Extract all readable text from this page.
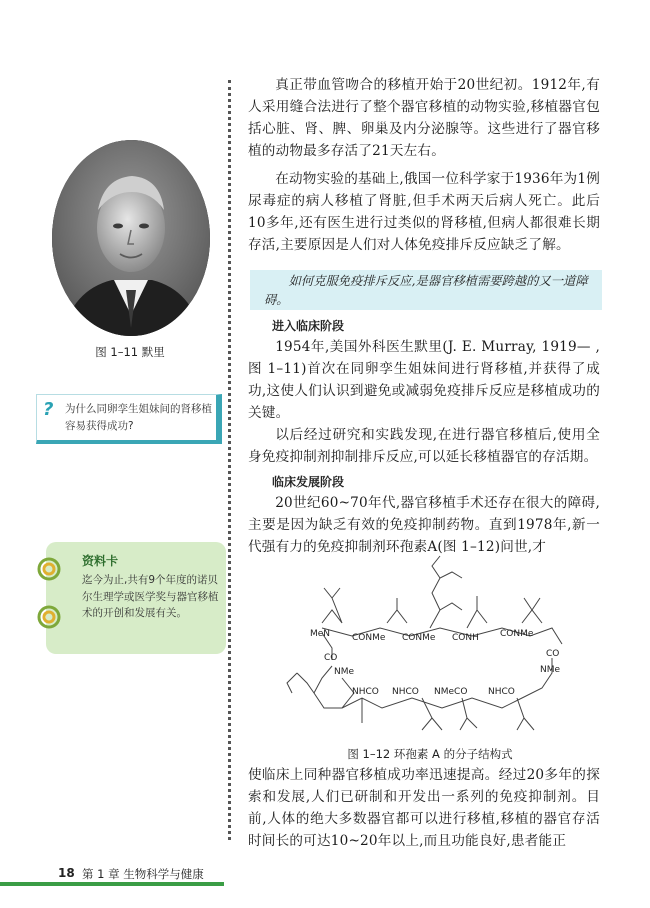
图 1–11 默里
? 为什么同卵孪生姐妹间的肾移植容易获得成功?
资料卡
迄今为止,共有9个年度的诺贝尔生理学或医学奖与器官移植术的开创和发展有关。

真正带血管吻合的移植开始于20世纪初。1912年,有人采用缝合法进行了整个器官移植的动物实验,移植器官包括心脏、肾、脾、卵巢及内分泌腺等。这些进行了器官移植的动物最多存活了21天左右。

在动物实验的基础上,俄国一位科学家于1936年为1例尿毒症的病人移植了肾脏,但手术两天后病人死亡。此后10多年,还有医生进行过类似的肾移植,但病人都很难长期存活,主要原因是人们对人体免疫排斥反应缺乏了解。

如何克服免疫排斥反应,是器官移植需要跨越的又一道障碍。
进入临床阶段

1954年,美国外科医生默里(J. E. Murray, 1919— ,图 1–11)首次在同卵孪生姐妹间进行肾移植,并获得了成功,这使人们认识到避免或减弱免疫排斥反应是移植成功的关键。

以后经过研究和实践发现,在进行器官移植后,使用全身免疫抑制剂抑制排斥反应,可以延长移植器官的存活期。

临床发展阶段

20世纪60~70年代,器官移植手术还存在很大的障碍,主要是因为缺乏有效的免疫抑制药物。直到1978年,新一代强有力的免疫抑制剂环孢素A(图 1–12)问世,才

MeN CONMe CONMe CONH CONMe
CO
NMe
CO
NMe
NHCO NHCO NMeCO NHCO
图 1–12 环孢素 A 的分子结构式

使临床上同种器官移植成功率迅速提高。经过20多年的探索和发展,人们已研制和开发出一系列的免疫抑制剂。目前,人体的绝大多数器官都可以进行移植,移植的器官存活时间长的可达10~20年以上,而且功能良好,患者能正

18 第 1 章 生物科学与健康
